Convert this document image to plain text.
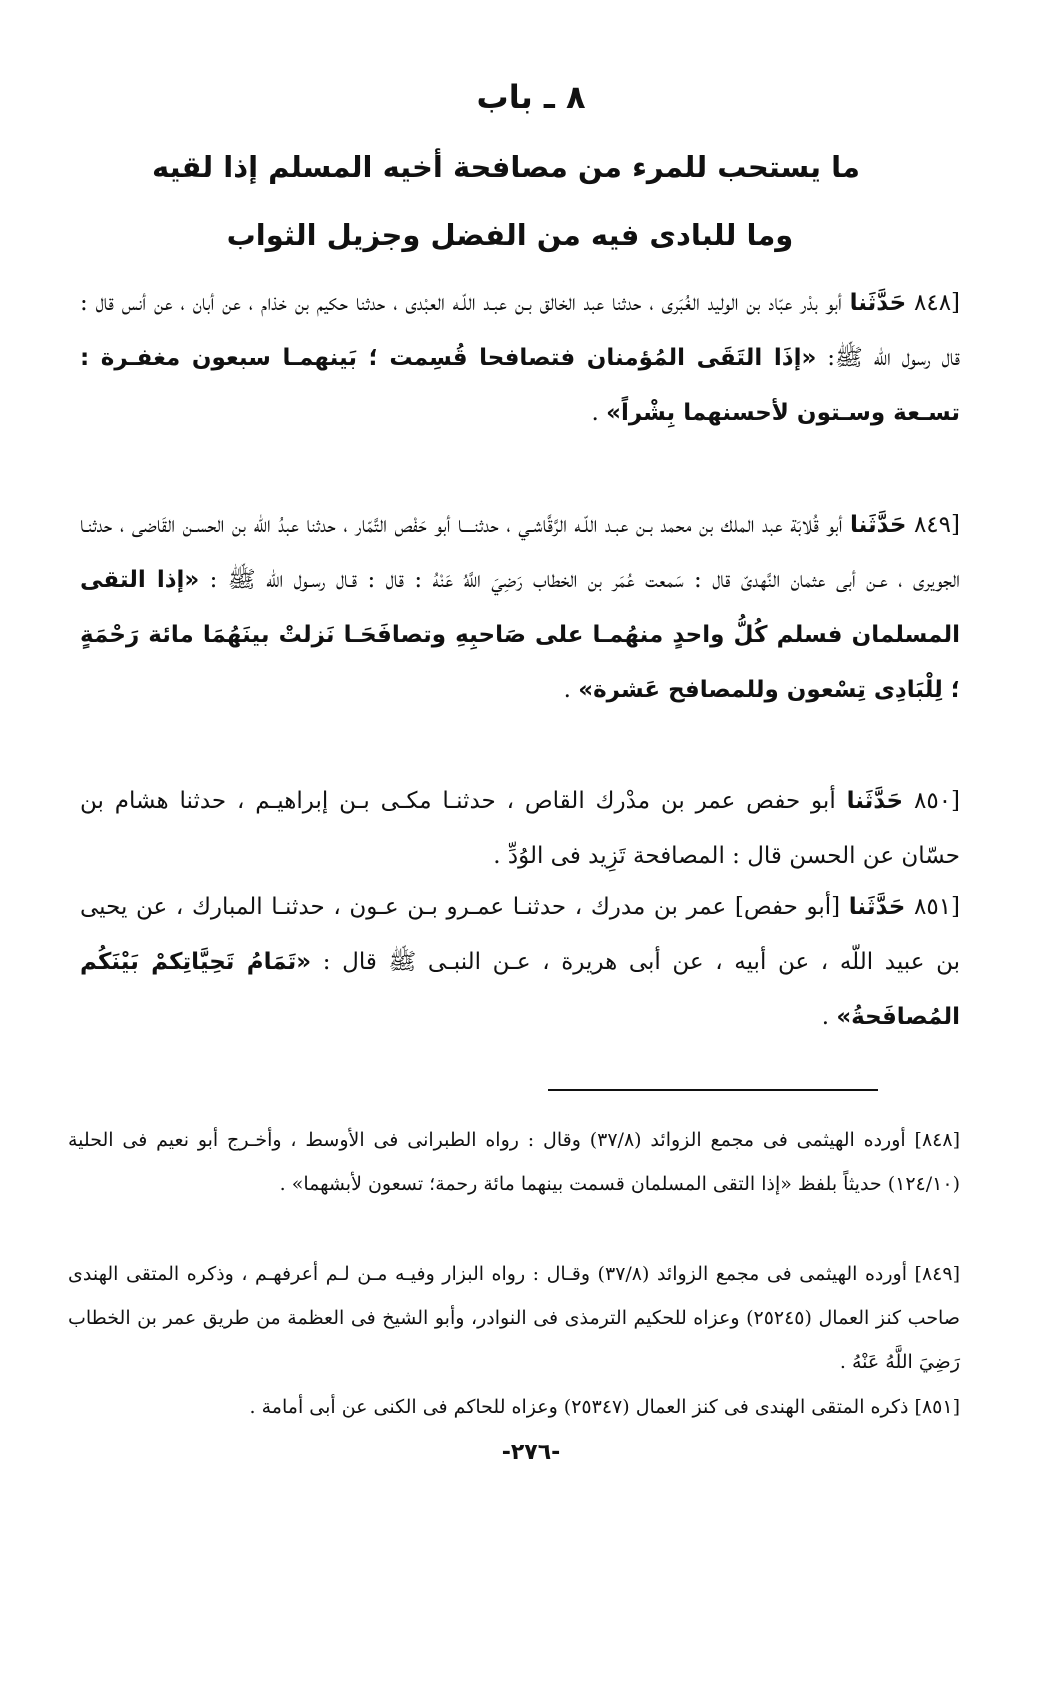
٨ ـ باب
ما يستحب للمرء من مصافحة أخيه المسلم إذا لقيه
وما للبادى فيه من الفضل وجزيل الثواب
[٨٤٨ حَدَّثَنا أبو بدْر عبّاد بن الوليد الغُبَرى ، حدثنا عبد الخالق بـن عبـد اللّـه العبْدى ، حدثنا حكيم بن خذام ، عن أبان ، عن أنس قال : قال رسول اللّه ﷺ: «إذَا التَقَى المُؤمنان فتصافحا قُسِمت ؛ بَينهمـا سبعون مغفـرة : تسـعة وسـتون لأحسنهما بِشْراً» .
[٨٤٩ حَدَّثَنا أبو قُلابَة عبد الملك بن محمد بـن عبـد اللّـه الرَّقَّاشـي ، حدثنــــا أبو حَفْص التَّمّار ، حدثنا عبدُ اللّه بن الحسـن القَاضى ، حدثنـا الجويرى ، عـن أبى عثمان النَّهدىّ قال : سَمعت عُمَر بن الخطاب رَضِيَ اللَّهُ عَنْهُ : قال : قـال رسـول اللّه ﷺ : «إذا التقى المسلمان فسلم كُلُّ واحدٍ منهُمـا على صَاحبِهِ وتصافَحَـا نَزلتْ بينَهُمَا مائة رَحْمَةٍ ؛ لِلْبَادِى تِسْعون وللمصافح عَشرة» .
[٨٥٠ حَدَّثَنا أبو حفص عمر بن مدْرك القاص ، حدثنـا مكـى بـن إبراهيـم ، حدثنا هشام بن حسّان عن الحسن قال : المصافحة تَزِيد فى الوُدِّ .
[٨٥١ حَدَّثَنا [أبو حفص] عمر بن مدرك ، حدثنـا عمـرو بـن عـون ، حدثنـا المبارك ، عن يحيى بن عبيد اللّه ، عن أبيه ، عن أبى هريرة ، عـن النبـى ﷺ قال : «تَمَامُ تَحِيَّاتِكمْ بَيْنَكُم المُصافَحةُ» .
[٨٤٨] أورده الهيثمى فى مجمع الزوائد (٣٧/٨) وقال : رواه الطبرانى فى الأوسط ، وأخـرج أبو نعيم فى الحلية (١٢٤/١٠) حديثاً بلفظ «إذا التقى المسلمان قسمت بينهما مائة رحمة؛ تسعون لأبشهما» .
[٨٤٩] أورده الهيثمى فى مجمع الزوائد (٣٧/٨) وقـال : رواه البزار وفيـه مـن لـم أعرفهـم ، وذكره المتقى الهندى صاحب كنز العمال (٢٥٢٤٥) وعزاه للحكيم الترمذى فى النوادر، وأبو الشيخ فى العظمة من طريق عمر بن الخطاب رَضِيَ اللَّهُ عَنْهُ .
[٨٥١] ذكره المتقى الهندى فى كنز العمال (٢٥٣٤٧) وعزاه للحاكم فى الكنى عن أبى أمامة .
-٢٧٦-
